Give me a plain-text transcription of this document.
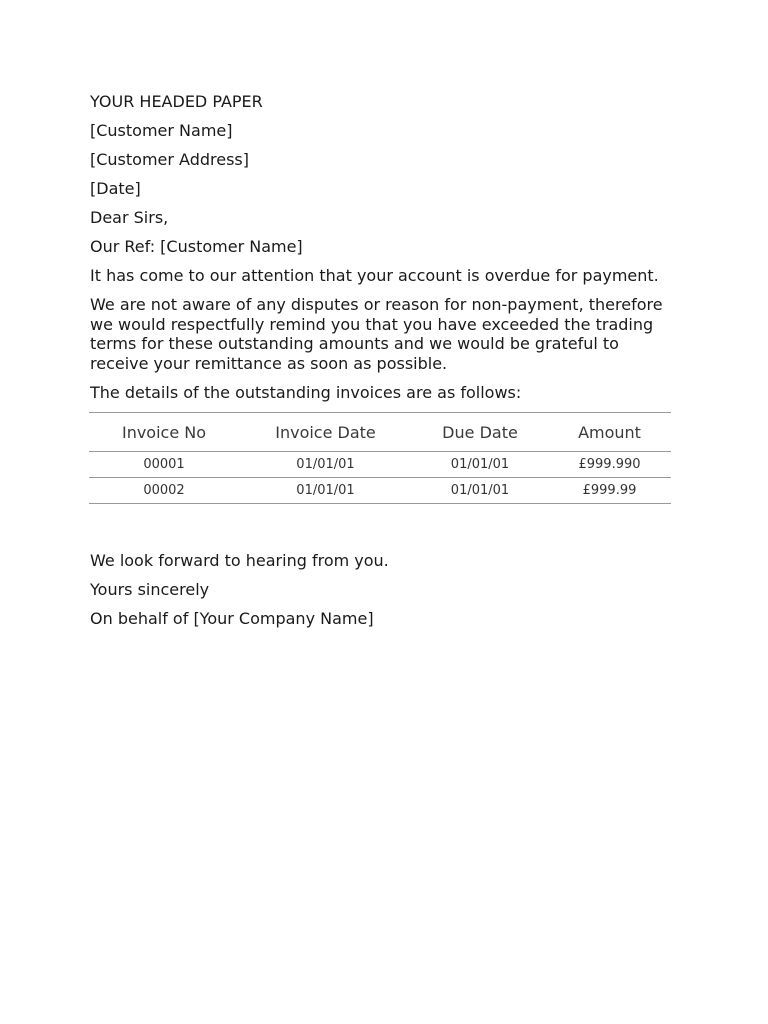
YOUR HEADED PAPER
[Customer Name]
[Customer Address]
[Date]
Dear Sirs,
Our Ref: [Customer Name]
It has come to our attention that your account is overdue for payment.
We are not aware of any disputes or reason for non-payment, therefore we would respectfully remind you that you have exceeded the trading terms for these outstanding amounts and we would be grateful to receive your remittance as soon as possible.
The details of the outstanding invoices are as follows:
Invoice No	Invoice Date	Due Date	Amount
00001	01/01/01	01/01/01	£999.990
00002	01/01/01	01/01/01	£999.99
We look forward to hearing from you.
Yours sincerely
On behalf of [Your Company Name]
